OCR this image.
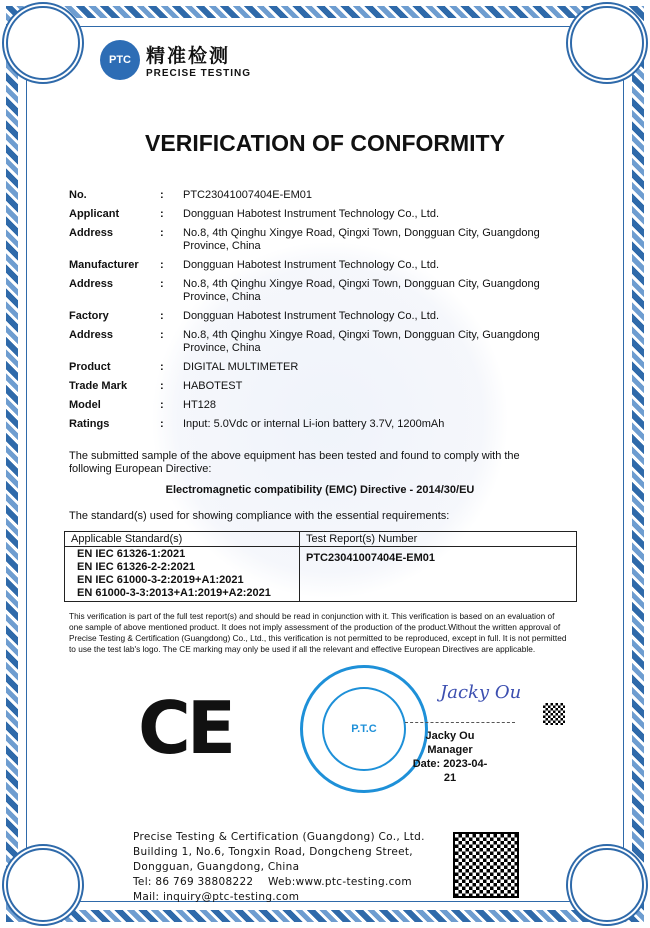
PTC 精准检测
PRECISE TESTING
VERIFICATION OF CONFORMITY
No.	:	PTC23041007404E-EM01
Applicant	:	Dongguan Habotest Instrument Technology Co., Ltd.
Address	:	No.8, 4th Qinghu Xingye Road, Qingxi Town, Dongguan City, Guangdong Province, China
Manufacturer	:	Dongguan Habotest Instrument Technology Co., Ltd.
Address	:	No.8, 4th Qinghu Xingye Road, Qingxi Town, Dongguan City, Guangdong Province, China
Factory	:	Dongguan Habotest Instrument Technology Co., Ltd.
Address	:	No.8, 4th Qinghu Xingye Road, Qingxi Town, Dongguan City, Guangdong Province, China
Product	:	DIGITAL MULTIMETER
Trade Mark	:	HABOTEST
Model	:	HT128
Ratings	:	Input: 5.0Vdc or internal Li-ion battery 3.7V, 1200mAh
The submitted sample of the above equipment has been tested and found to comply with the following European Directive:
Electromagnetic compatibility (EMC) Directive - 2014/30/EU
The standard(s) used for showing compliance with the essential requirements:
Applicable Standard(s)	Test Report(s) Number

EN IEC 61326-1:2021
EN IEC 61326-2-2:2021
EN IEC 61000-3-2:2019+A1:2021
EN 61000-3-3:2013+A1:2019+A2:2021	PTC23041007404E-EM01
This verification is part of the full test report(s) and should be read in conjunction with it. This verification is based on an evaluation of one sample of above mentioned product. It does not imply assessment of the production of the product.Without the written approval of Precise Testing & Certification (Guangdong) Co., Ltd., this verification is not permitted to be reproduced, except in full. It is not permitted to use the test lab's logo. The CE marking may only be used if all the relevant and effective European Directives are applicable.
CE	P.T.C
Jacky Ou
Jacky Ou
Manager
Date: 2023-04-21
Precise Testing & Certification (Guangdong) Co., Ltd.
Building 1, No.6, Tongxin Road, Dongcheng Street,
Dongguan, Guangdong, China
Tel: 86 769 38808222    Web:www.ptc-testing.com
Mail: inquiry@ptc-testing.com
